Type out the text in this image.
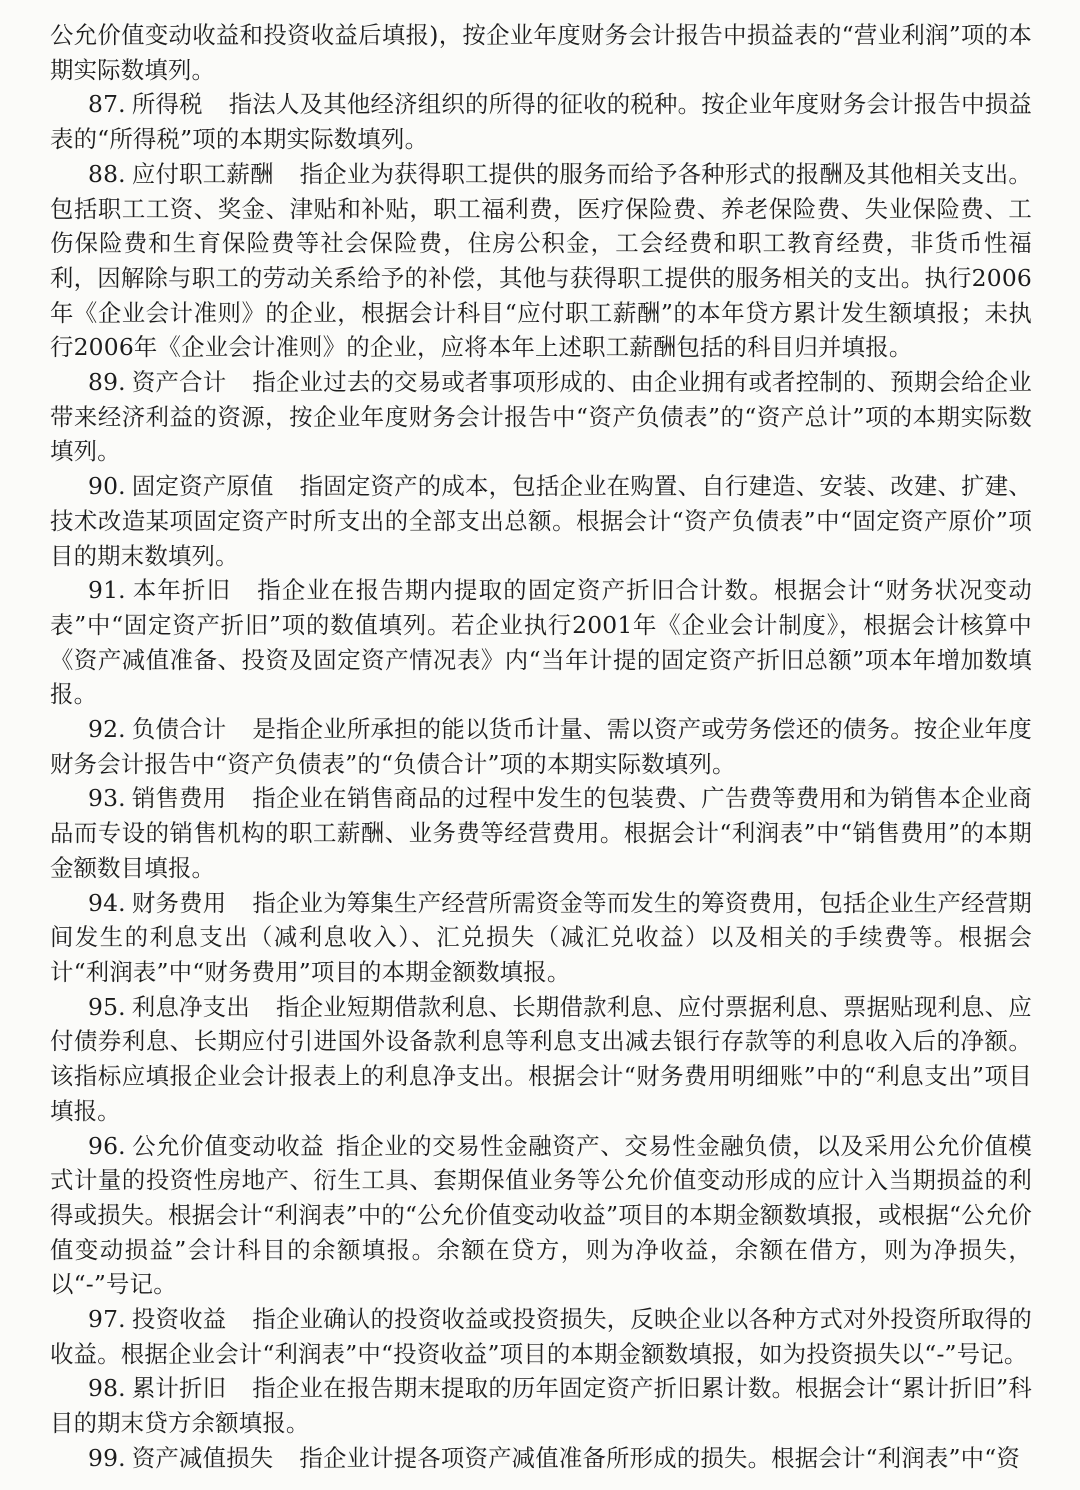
公允价值变动收益和投资收益后填报)，按企业年度财务会计报告中损益表的“营业利润”项的本期实际数填列。

87. 所得税 指法人及其他经济组织的所得的征收的税种。按企业年度财务会计报告中损益表的“所得税”项的本期实际数填列。

88. 应付职工薪酬 指企业为获得职工提供的服务而给予各种形式的报酬及其他相关支出。包括职工工资、奖金、津贴和补贴，职工福利费，医疗保险费、养老保险费、失业保险费、工伤保险费和生育保险费等社会保险费，住房公积金，工会经费和职工教育经费，非货币性福利，因解除与职工的劳动关系给予的补偿，其他与获得职工提供的服务相关的支出。执行2006年《企业会计准则》的企业，根据会计科目“应付职工薪酬”的本年贷方累计发生额填报；未执行2006年《企业会计准则》的企业，应将本年上述职工薪酬包括的科目归并填报。

89. 资产合计 指企业过去的交易或者事项形成的、由企业拥有或者控制的、预期会给企业带来经济利益的资源，按企业年度财务会计报告中“资产负债表”的“资产总计”项的本期实际数填列。

90. 固定资产原值 指固定资产的成本，包括企业在购置、自行建造、安装、改建、扩建、技术改造某项固定资产时所支出的全部支出总额。根据会计“资产负债表”中“固定资产原价”项目的期末数填列。

91. 本年折旧 指企业在报告期内提取的固定资产折旧合计数。根据会计“财务状况变动表”中“固定资产折旧”项的数值填列。若企业执行2001年《企业会计制度》，根据会计核算中《资产减值准备、投资及固定资产情况表》内“当年计提的固定资产折旧总额”项本年增加数填报。

92. 负债合计 是指企业所承担的能以货币计量、需以资产或劳务偿还的债务。按企业年度财务会计报告中“资产负债表”的“负债合计”项的本期实际数填列。

93. 销售费用 指企业在销售商品的过程中发生的包装费、广告费等费用和为销售本企业商品而专设的销售机构的职工薪酬、业务费等经营费用。根据会计“利润表”中“销售费用”的本期金额数目填报。

94. 财务费用 指企业为筹集生产经营所需资金等而发生的筹资费用，包括企业生产经营期间发生的利息支出（减利息收入）、汇兑损失（减汇兑收益）以及相关的手续费等。根据会计“利润表”中“财务费用”项目的本期金额数填报。

95. 利息净支出 指企业短期借款利息、长期借款利息、应付票据利息、票据贴现利息、应付债券利息、长期应付引进国外设备款利息等利息支出减去银行存款等的利息收入后的净额。该指标应填报企业会计报表上的利息净支出。根据会计“财务费用明细账”中的“利息支出”项目填报。

96. 公允价值变动收益 指企业的交易性金融资产、交易性金融负债，以及采用公允价值模式计量的投资性房地产、衍生工具、套期保值业务等公允价值变动形成的应计入当期损益的利得或损失。根据会计“利润表”中的“公允价值变动收益”项目的本期金额数填报，或根据“公允价值变动损益”会计科目的余额填报。余额在贷方，则为净收益，余额在借方，则为净损失，以“-”号记。

97. 投资收益 指企业确认的投资收益或投资损失，反映企业以各种方式对外投资所取得的收益。根据企业会计“利润表”中“投资收益”项目的本期金额数填报，如为投资损失以“-”号记。

98. 累计折旧 指企业在报告期末提取的历年固定资产折旧累计数。根据会计“累计折旧”科目的期末贷方余额填报。

99. 资产减值损失 指企业计提各项资产减值准备所形成的损失。根据会计“利润表”中“资
